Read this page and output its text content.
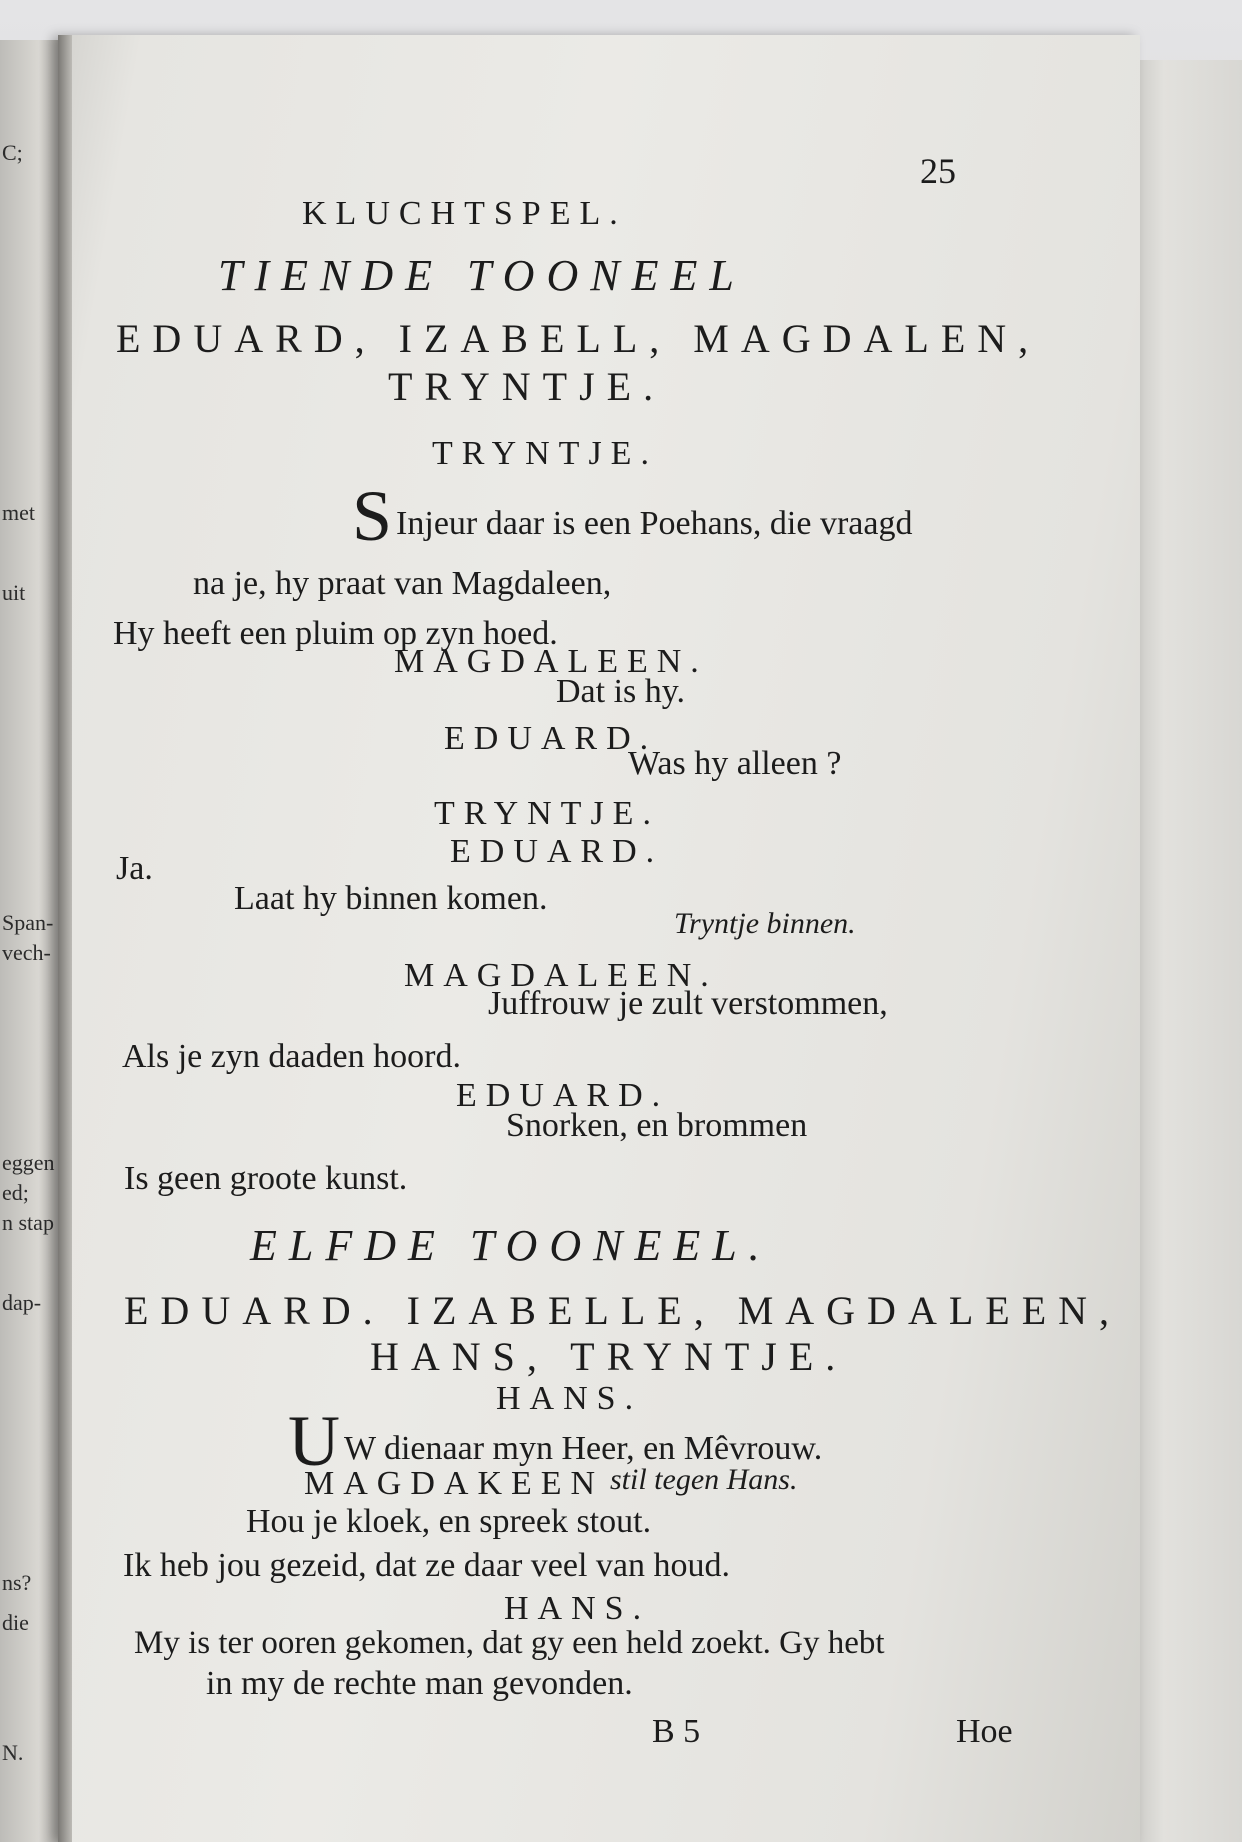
C;
met
uit
Span-
vech-
eggen
ed;
n stap
dap-
ns?
die
N.
KLUCHTSPEL.
25
TIENDE TOONEEL
EDUARD, IZABELL, MAGDALEN,
TRYNTJE.
TRYNTJE.
S Injeur daar is een Poehans, die vraagd
na je, hy praat van Magdaleen,
Hy heeft een pluim op zyn hoed.
MAGDALEEN.
Dat is hy.
EDUARD.
Was hy alleen ?
TRYNTJE.
EDUARD.
Ja.
Laat hy binnen komen.
Tryntje binnen.
MAGDALEEN.
Juffrouw je zult verstommen,
Als je zyn daaden hoord.
EDUARD.
Snorken, en brommen
Is geen groote kunst.
ELFDE TOONEEL.
EDUARD. IZABELLE, MAGDALEEN,
HANS, TRYNTJE.
HANS.
U W dienaar myn Heer, en Mêvrouw.
MAGDAKEEN stil tegen Hans.
Hou je kloek, en spreek stout.
Ik heb jou gezeid, dat ze daar veel van houd.
HANS.
My is ter ooren gekomen, dat gy een held zoekt. Gy hebt
in my de rechte man gevonden.
B 5	Hoe
